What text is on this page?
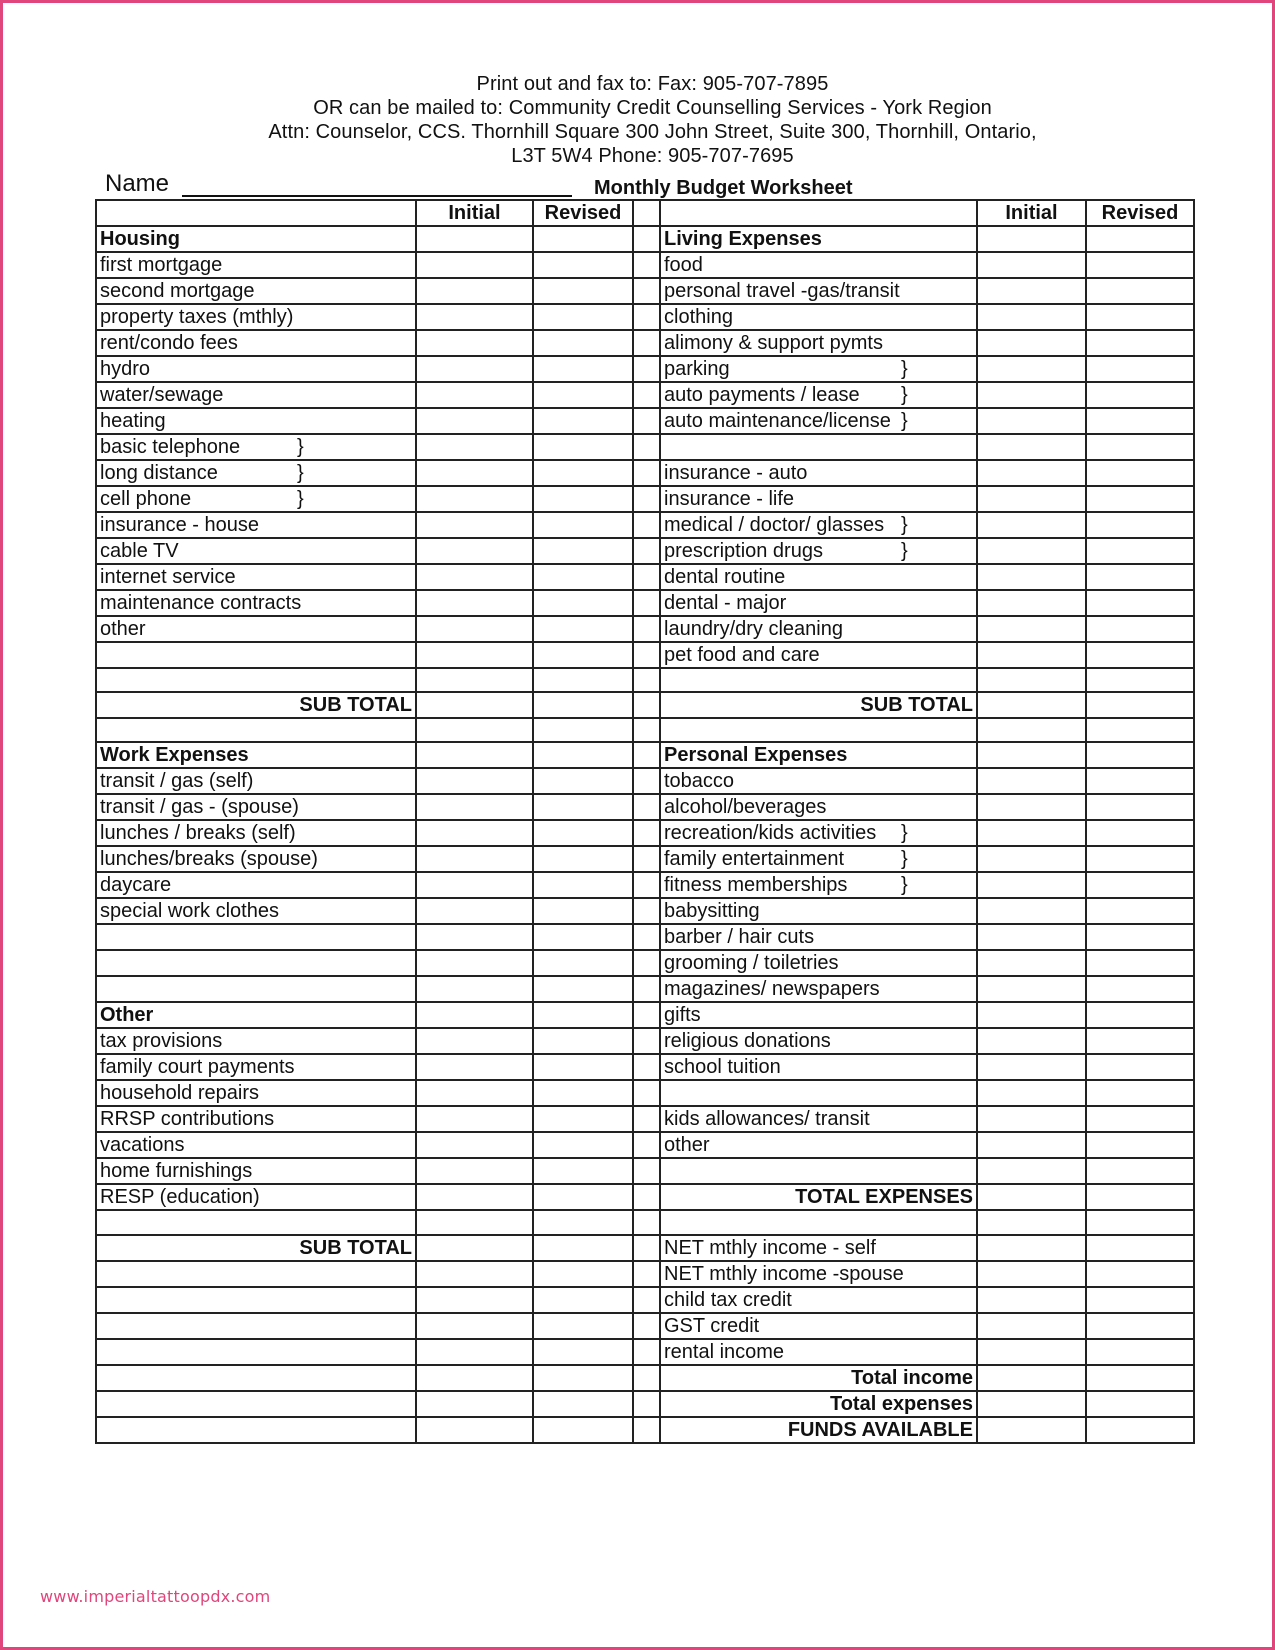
Print out and fax to: Fax: 905-707-7895
OR can be mailed to: Community Credit Counselling Services - York Region
Attn: Counselor, CCS. Thornhill Square 300 John Street, Suite 300, Thornhill, Ontario,
L3T 5W4 Phone: 905-707-7695
Name	Monthly Budget Worksheet
	Initial	Revised			Initial	Revised
Housing				Living Expenses		
first mortgage				food		
second mortgage				personal travel -gas/transit		
property taxes (mthly)				clothing		
rent/condo fees				alimony & support pymts		
hydro				parking }		

water/sewage				auto payments / lease }		

heating				auto maintenance/license }		

basic telephone }						

long distance }				insurance - auto		
cell phone }				insurance - life		
insurance - house				medical / doctor/ glasses }		

cable TV				prescription drugs }		

internet service				dental routine		
maintenance contracts				dental - major		
other				laundry/dry cleaning		
				pet food and care		

SUB TOTAL				SUB TOTAL		

Work Expenses				Personal Expenses		
transit / gas (self)				tobacco		
transit / gas - (spouse)				alcohol/beverages		
lunches / breaks (self)				recreation/kids activities }		

lunches/breaks (spouse)				family entertainment }		

daycare				fitness memberships }		

special work clothes				babysitting		
				barber / hair cuts		
				grooming / toiletries		
				magazines/ newspapers		
Other				gifts		
tax provisions				religious donations		
family court payments				school tuition		
household repairs						
RRSP contributions				kids allowances/ transit		
vacations				other		
home furnishings						
RESP (education)				TOTAL EXPENSES		

SUB TOTAL				NET mthly income - self		
				NET mthly income -spouse		
				child tax credit		
				GST credit		
				rental income		
				Total income		
				Total expenses		
				FUNDS AVAILABLE		
www.imperialtattoopdx.com
